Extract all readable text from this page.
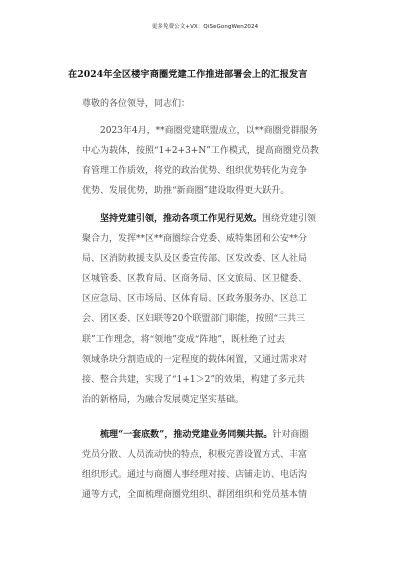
更多免费公文+VX：QiSeGongWen2024
在2024年全区楼宇商圈党建工作推进部署会上的汇报发言
尊敬的各位领导，同志们：
2023年4月，**商圈党建联盟成立，以**商圈党群服务
中心为载体，按照“1+2+3+N”工作模式，提高商圈党员教
育管理工作质效，将党的政治优势、组织优势转化为竞争
优势、发展优势，助推“新商圈”建设取得更大跃升。
坚持党建引领，推动各项工作见行见效。围绕党建引领
聚合力，发挥**区**商圈综合党委、威特集团和公安**分
局、区消防救援支队及区委宣传部、区发改委、区人社局
区城管委、区教育局、区商务局、区文旅局、区卫健委、
区应急局、区市场局、区体育局、区政务服务办、区总工
会、团区委、区妇联等20个联盟部门职能，按照“三共三
联”工作理念，将“领地”变成“阵地”，既杜绝了过去
领域条块分割造成的一定程度的载体闲置，又通过需求对
接、整合共建，实现了“1+1＞2”的效果，构建了多元共
治的新格局，为融合发展奠定坚实基础。
梳理“一套底数”，推动党建业务同频共振。针对商圈
党员分散、人员流动快的特点，积极完善设置方式、丰富
组织形式。通过与商圈人事经理对接、店铺走访、电话沟
通等方式，全面梳理商圈党组织、群团组织和党员基本情
